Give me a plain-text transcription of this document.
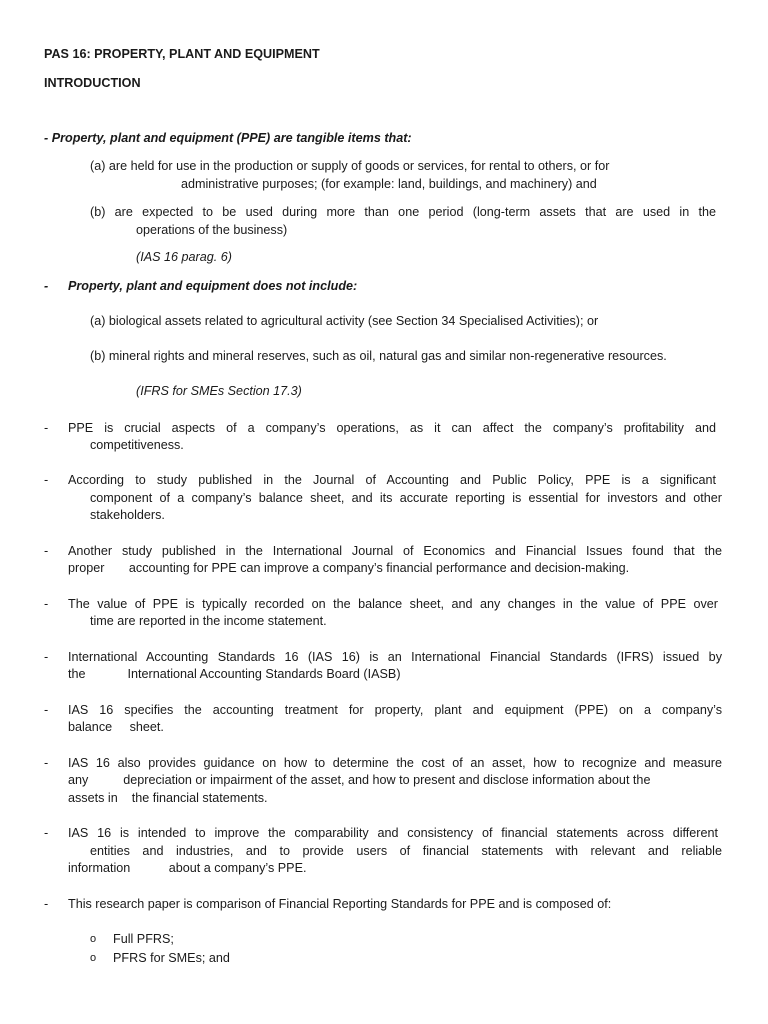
PAS 16: PROPERTY, PLANT AND EQUIPMENT
INTRODUCTION
- Property, plant and equipment (PPE) are tangible items that:
(a) are held for use in the production or supply of goods or services, for rental to others, or for
administrative purposes; (for example: land, buildings, and machinery) and
(b) are expected to be used during more than one period (long-term assets that are used in the
operations of the business)
(IAS 16 parag. 6)
- Property, plant and equipment does not include:
(a) biological assets related to agricultural activity (see Section 34 Specialised Activities); or
(b) mineral rights and mineral reserves, such as oil, natural gas and similar non-regenerative resources.
(IFRS for SMEs Section 17.3)
- PPE is crucial aspects of a company’s operations, as it can affect the company’s profitability and
competitiveness.
- According to study published in the Journal of Accounting and Public Policy, PPE is a significant
component of a company’s balance sheet, and its accurate reporting is essential for investors and other
stakeholders.
- Another study published in the International Journal of Economics and Financial Issues found that the
proper       accounting for PPE can improve a company’s financial performance and decision-making.
- The value of PPE is typically recorded on the balance sheet, and any changes in the value of PPE over
time are reported in the income statement.
- International Accounting Standards 16 (IAS 16) is an International Financial Standards (IFRS) issued by
the            International Accounting Standards Board (IASB)
- IAS 16 specifies the accounting treatment for property, plant and equipment (PPE) on a company’s
balance     sheet.
- IAS 16 also provides guidance on how to determine the cost of an asset, how to recognize and measure
any          depreciation or impairment of the asset, and how to present and disclose information about the
assets in    the financial statements.
- IAS 16 is intended to improve the comparability and consistency of financial statements across different
entities and industries, and to provide users of financial statements with relevant and reliable
information           about a company’s PPE.
- This research paper is comparison of Financial Reporting Standards for PPE and is composed of:
o Full PFRS;
o PFRS for SMEs; and
